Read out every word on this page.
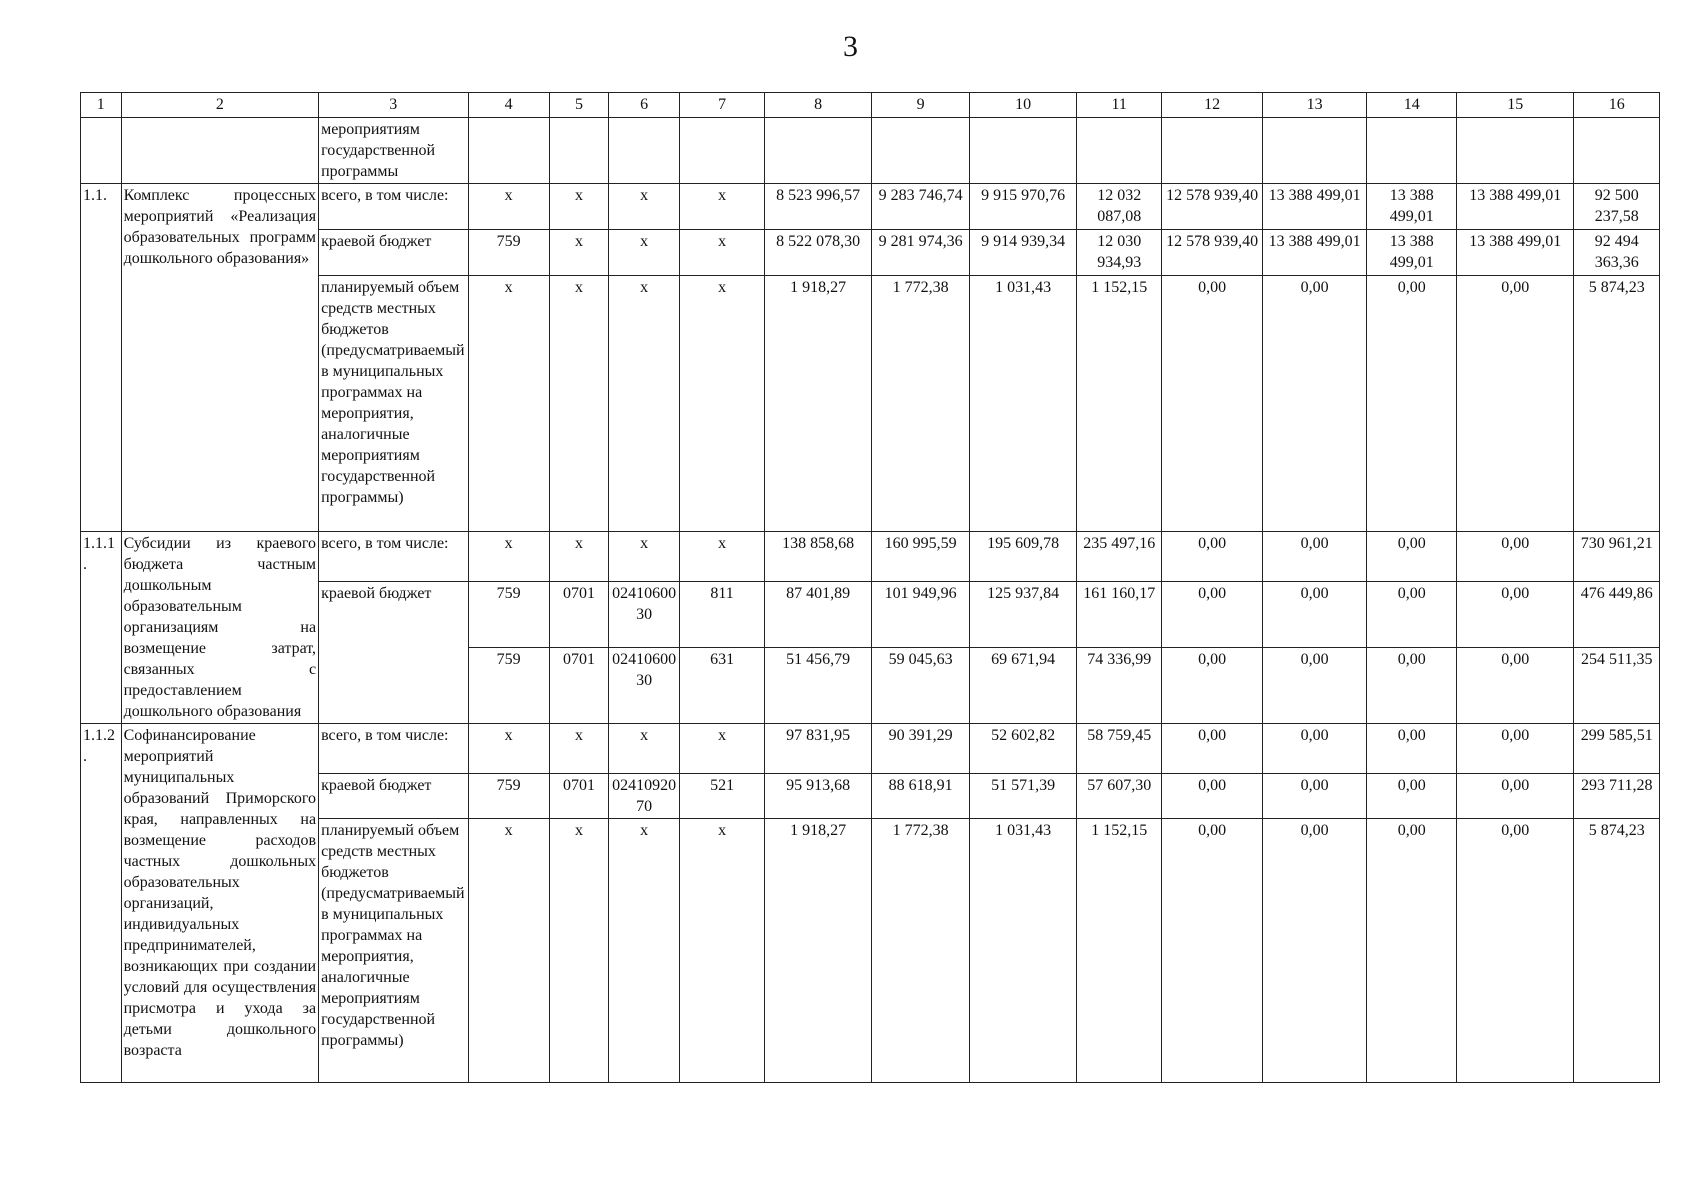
3
1	2	3	4	5	6	7	8	9	10	11	12	13	14	15	16
		мероприятиям государственной программы													
1.1.	Комплекс процессных мероприятий «Реализация образовательных программ дошкольного образования»	всего, в том числе:	x	x	x	x	8 523 996,57	9 283 746,74	9 915 970,76	12 032 087,08	12 578 939,40	13 388 499,01	13 388 499,01	13 388 499,01	92 500 237,58
		краевой бюджет	759	x	x	x	8 522 078,30	9 281 974,36	9 914 939,34	12 030 934,93	12 578 939,40	13 388 499,01	13 388 499,01	13 388 499,01	92 494 363,36
		планируемый объем средств местных бюджетов (предусматриваемый в муниципальных программах на мероприятия, аналогичные мероприятиям государственной программы)	x	x	x	x	1 918,27	1 772,38	1 031,43	1 152,15	0,00	0,00	0,00	0,00	5 874,23
1.1.1.	Субсидии из краевого бюджета частным дошкольным образовательным организациям на возмещение затрат, связанных с предоставлением дошкольного образования	всего, в том числе:	x	x	x	x	138 858,68	160 995,59	195 609,78	235 497,16	0,00	0,00	0,00	0,00	730 961,21
		краевой бюджет	759	0701	0241060030	811	87 401,89	101 949,96	125 937,84	161 160,17	0,00	0,00	0,00	0,00	476 449,86
			759	0701	0241060030	631	51 456,79	59 045,63	69 671,94	74 336,99	0,00	0,00	0,00	0,00	254 511,35
1.1.2.	Софинансирование мероприятий муниципальных образований Приморского края, направленных на возмещение расходов частных дошкольных образовательных организаций, индивидуальных предпринимателей, возникающих при создании условий для осуществления присмотра и ухода за детьми дошкольного возраста	всего, в том числе:	x	x	x	x	97 831,95	90 391,29	52 602,82	58 759,45	0,00	0,00	0,00	0,00	299 585,51
		краевой бюджет	759	0701	0241092070	521	95 913,68	88 618,91	51 571,39	57 607,30	0,00	0,00	0,00	0,00	293 711,28
		планируемый объем средств местных бюджетов (предусматриваемый в муниципальных программах на мероприятия, аналогичные мероприятиям государственной программы)	x	x	x	x	1 918,27	1 772,38	1 031,43	1 152,15	0,00	0,00	0,00	0,00	5 874,23
